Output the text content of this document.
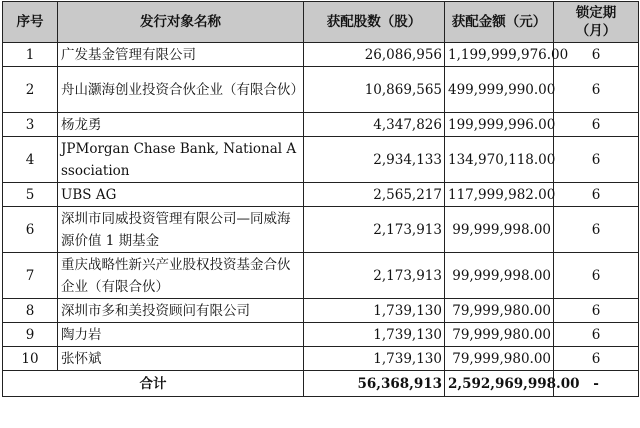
序号	发行对象名称	获配股数（股）	获配金额（元）	锁定期
（月）

1	广发基金管理有限公司	26,086,956	1,199,999,976.00	6
2	舟山灏海创业投资合伙企业（有限合伙）	10,869,565	499,999,990.00	6
3	杨龙勇	4,347,826	199,999,996.00	6
4	JPMorgan Chase Bank, National Association	2,934,133	134,970,118.00	6
5	UBS AG	2,565,217	117,999,982.00	6
6	深圳市同威投资管理有限公司—同威海源价值 1 期基金	2,173,913	99,999,998.00	6
7	重庆战略性新兴产业股权投资基金合伙企业（有限合伙）	2,173,913	99,999,998.00	6
8	深圳市多和美投资顾问有限公司	1,739,130	79,999,980.00	6
9	陶力岩	1,739,130	79,999,980.00	6
10	张怀斌	1,739,130	79,999,980.00	6
合计		56,368,913	2,592,969,998.00	-
